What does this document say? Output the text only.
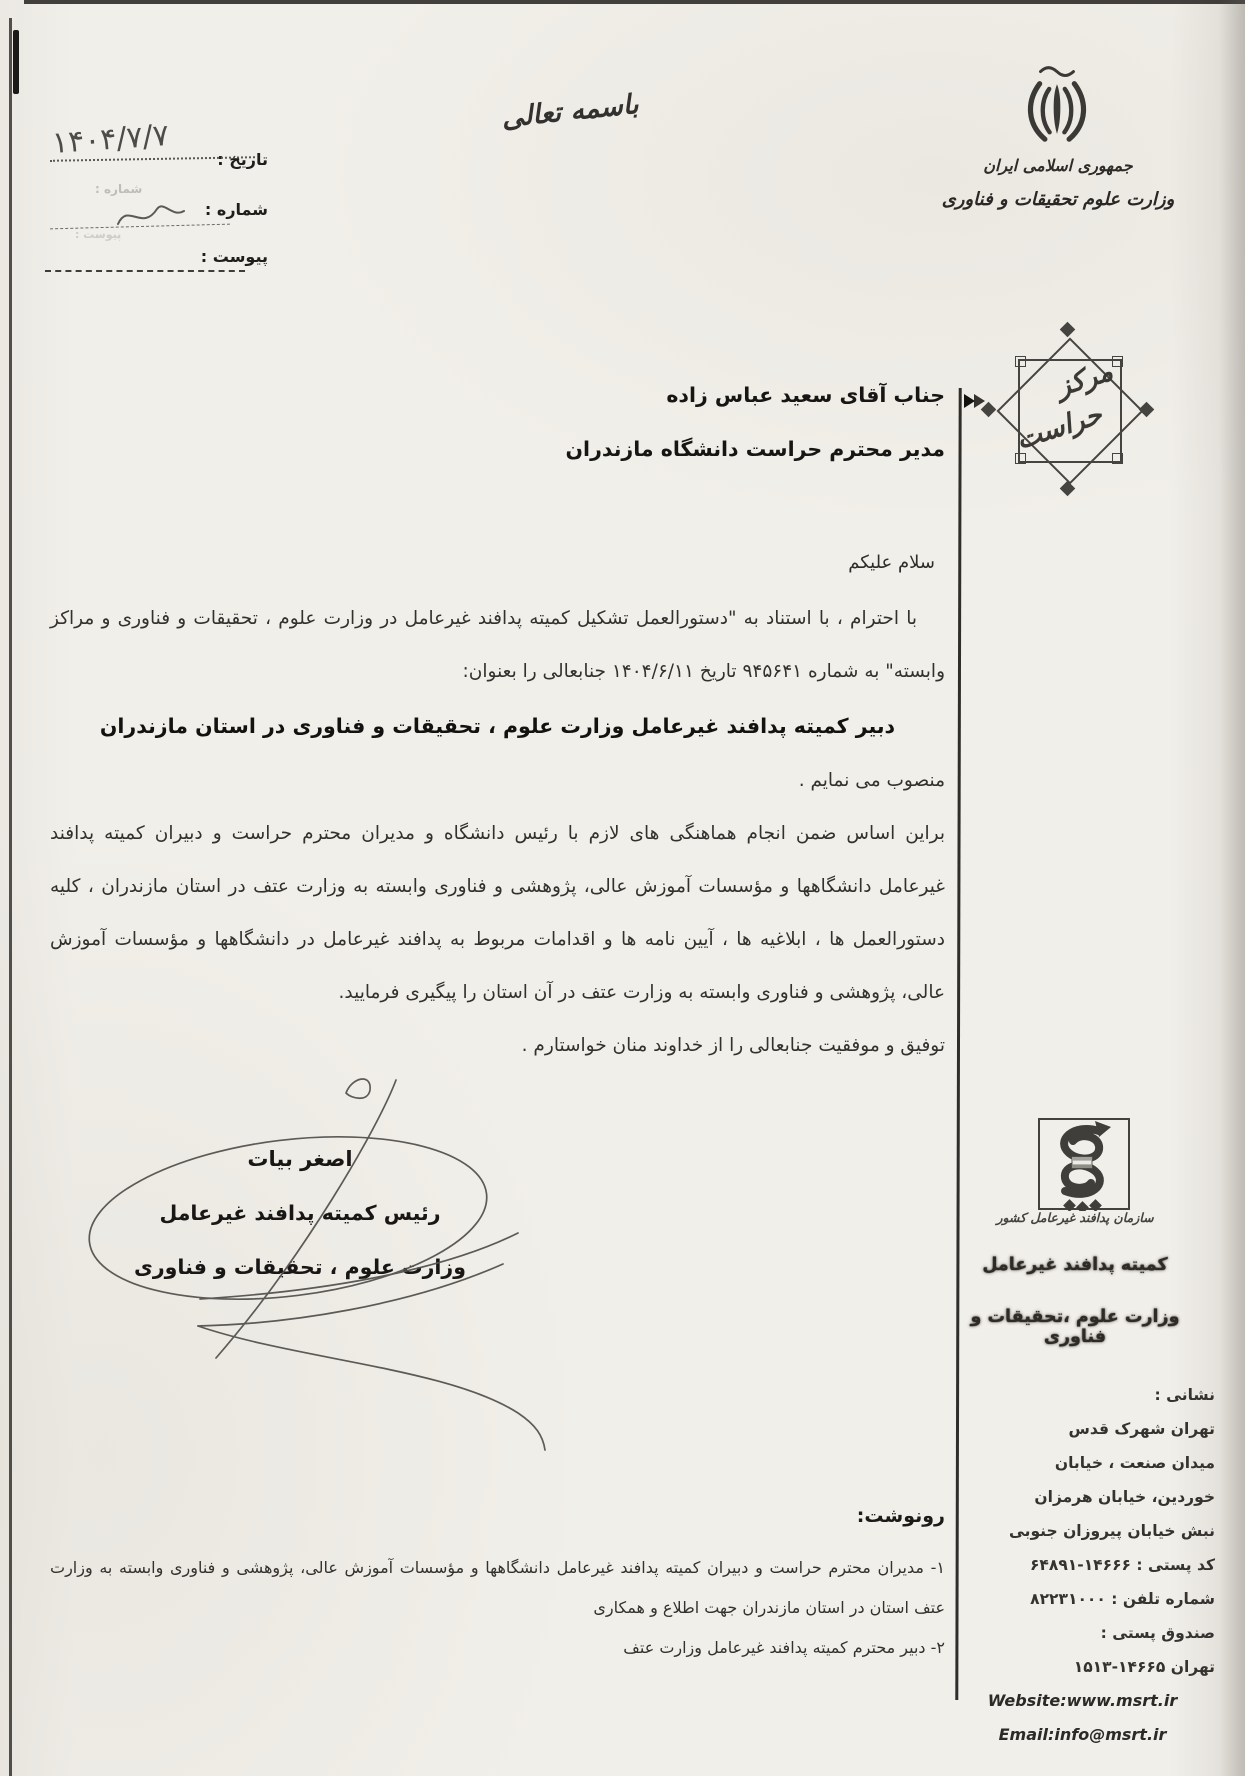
تاریخ :
۱۴۰۴/۷/۷
شماره :
شماره :
پیوست :
پیوست :
باسمه تعالی
جمهوری اسلامی ایران
وزارت علوم تحقیقات و فناوری
مرکز
حراست
جناب آقای سعید عباس زاده
مدیر محترم حراست دانشگاه مازندران
سلام علیکم
با احترام ، با استناد به "دستورالعمل تشکیل کمیته پدافند غیرعامل در وزارت علوم ، تحقیقات و فناوری و مراکز وابسته" به شماره ۹۴۵۶۴۱ تاریخ ۱۴۰۴/۶/۱۱ جنابعالی را بعنوان:
دبیر کمیته پدافند غیرعامل وزارت علوم ، تحقیقات و فناوری در استان مازندران
منصوب می نمایم .
براین اساس ضمن انجام هماهنگی های لازم با رئیس دانشگاه و مدیران محترم حراست و دبیران کمیته پدافند غیرعامل دانشگاهها و مؤسسات آموزش عالی، پژوهشی و فناوری وابسته به وزارت عتف در استان مازندران ، کلیه دستورالعمل ها ، ابلاغیه ها ، آیین نامه ها و اقدامات مربوط به پدافند غیرعامل در دانشگاهها و مؤسسات آموزش عالی، پژوهشی و فناوری وابسته به وزارت عتف در آن استان را پیگیری فرمایید.
توفیق و موفقیت جنابعالی را از خداوند منان خواستارم .
اصغر بیات
رئیس کمیته پدافند غیرعامل
وزارت علوم ، تحقیقات و فناوری
سازمان پدافند غیرعامل کشور
کمیته پدافند غیرعامل
وزارت علوم ،تحقیقات و فناوری
نشانی :
تهران شهرک قدس
میدان صنعت ، خیابان
خوردین، خیابان هرمزان
نبش خیابان پیروزان جنوبی
کد پستی : ۱۴۶۶۶-۶۴۸۹۱
شماره تلفن : ۸۲۲۳۱۰۰۰
صندوق پستی :
تهران ۱۴۶۶۵-۱۵۱۳
Website:www.msrt.ir
Email:info@msrt.ir
رونوشت:
۱- مدیران محترم حراست و دبیران کمیته پدافند غیرعامل دانشگاهها و مؤسسات آموزش عالی، پژوهشی و فناوری وابسته به وزارت عتف استان در استان مازندران جهت اطلاع و همکاری
۲- دبیر محترم کمیته پدافند غیرعامل وزارت عتف
